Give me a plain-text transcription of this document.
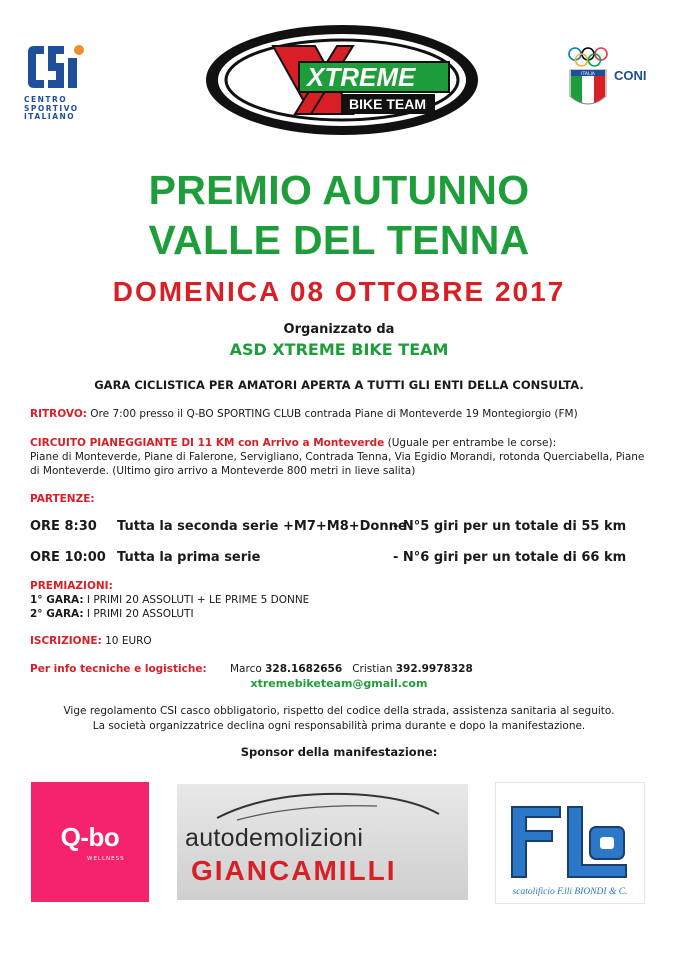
CENTRO
SPORTIVO
ITALIANO
XTREME
BIKE TEAM
ITALIA CONI
PREMIO AUTUNNO
VALLE DEL TENNA
DOMENICA 08 OTTOBRE 2017
Organizzato da
ASD XTREME BIKE TEAM
GARA CICLISTICA PER AMATORI APERTA A TUTTI GLI ENTI DELLA CONSULTA.
RITROVO: Ore 7:00 presso il Q-BO SPORTING CLUB contrada Piane di Monteverde 19 Montegiorgio (FM)
CIRCUITO PIANEGGIANTE DI 11 KM con Arrivo a Monteverde (Uguale per entrambe le corse):
Piane di Monteverde, Piane di Falerone, Servigliano, Contrada Tenna, Via Egidio Morandi, rotonda Querciabella, Piane di Monteverde. (Ultimo giro arrivo a Monteverde 800 metri in lieve salita)
PARTENZE:
ORE 8:30 Tutta la seconda serie +M7+M8+Donne
- N°5 giri per un totale di 55 km
ORE 10:00 Tutta la prima serie	- N°6 giri per un totale di 66 km
PREMIAZIONI:
1° GARA: I PRIMI 20 ASSOLUTI + LE PRIME 5 DONNE
2° GARA: I PRIMI 20 ASSOLUTI
ISCRIZIONE: 10 EURO
Per info tecniche e logistiche: Marco 328.1682656 Cristian 392.9978328
xtremebiketeam@gmail.com
Vige regolamento CSI casco obbligatorio, rispetto del codice della strada, assistenza sanitaria al seguito.
La società organizzatrice declina ogni responsabilità prima durante e dopo la manifestazione.
Sponsor della manifestazione:
Q-bo
WELLNESS
autodemolizioni
GIANCAMILLI
scatolificio F.lli BIONDI & C.
